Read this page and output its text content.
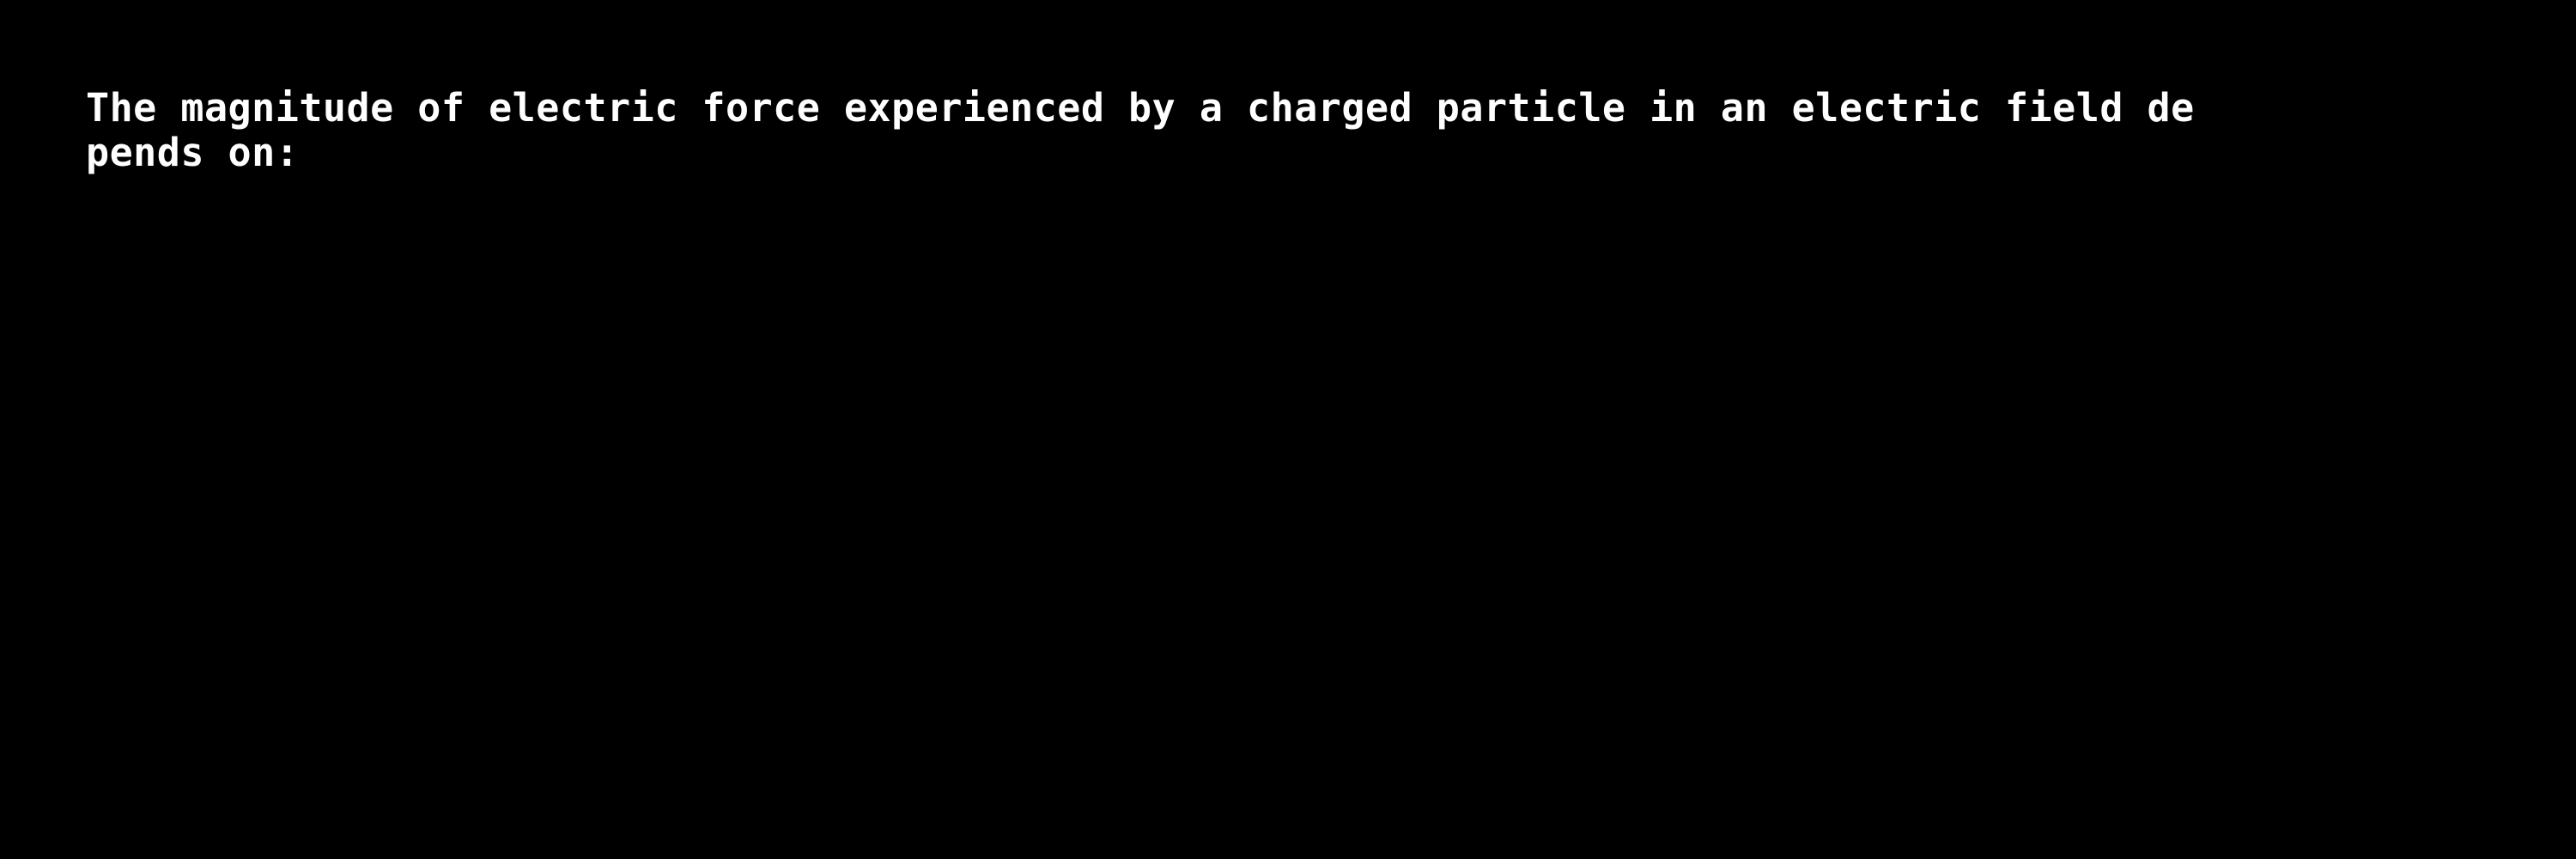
The magnitude of electric force experienced by a charged particle in an electric field de
pends on:
